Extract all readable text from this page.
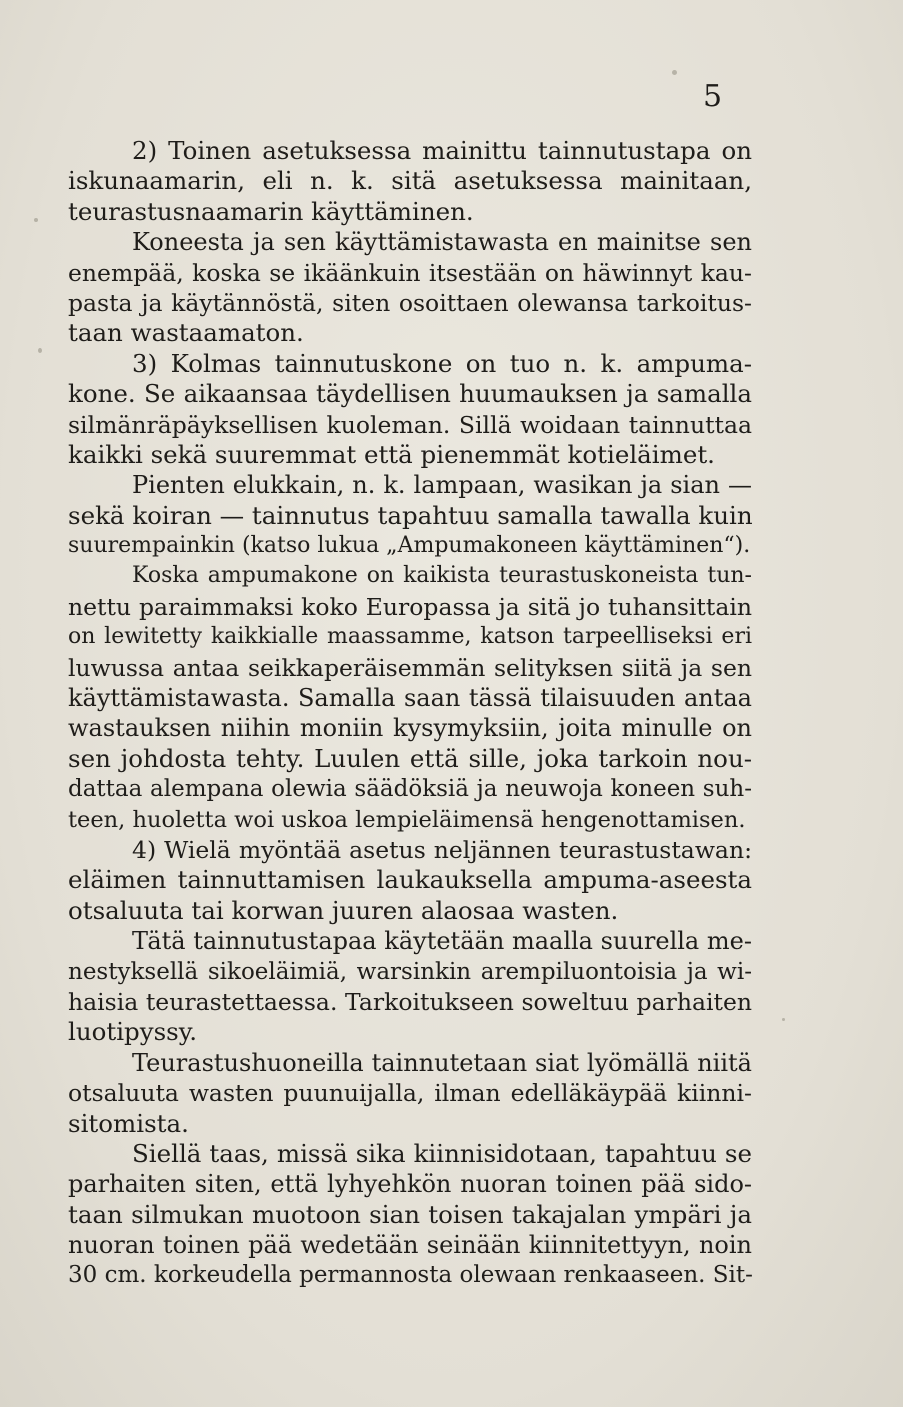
5
2) Toinen asetuksessa mainittu tainnutustapa on
iskunaamarin, eli n. k. sitä asetuksessa mainitaan,
teurastusnaamarin käyttäminen.
Koneesta ja sen käyttämistawasta en mainitse sen
enempää, koska se ikäänkuin itsestään on häwinnyt kau-
pasta ja käytännöstä, siten osoittaen olewansa tarkoitus-
taan wastaamaton.
3) Kolmas tainnutuskone on tuo n. k. ampuma-
kone. Se aikaansaa täydellisen huumauksen ja samalla
silmänräpäyksellisen kuoleman. Sillä woidaan tainnuttaa
kaikki sekä suuremmat että pienemmät kotieläimet.
Pienten elukkain, n. k. lampaan, wasikan ja sian —
sekä koiran — tainnutus tapahtuu samalla tawalla kuin
suurempainkin (katso lukua „Ampumakoneen käyttäminen“).
Koska ampumakone on kaikista teurastuskoneista tun-
nettu paraimmaksi koko Europassa ja sitä jo tuhansittain
on lewitetty kaikkialle maassamme, katson tarpeelliseksi eri
luwussa antaa seikkaperäisemmän selityksen siitä ja sen
käyttämistawasta. Samalla saan tässä tilaisuuden antaa
wastauksen niihin moniin kysymyksiin, joita minulle on
sen johdosta tehty. Luulen että sille, joka tarkoin nou-
dattaa alempana olewia säädöksiä ja neuwoja koneen suh-
teen, huoletta woi uskoa lempieläimensä hengenottamisen.
4) Wielä myöntää asetus neljännen teurastustawan:
eläimen tainnuttamisen laukauksella ampuma-aseesta
otsaluuta tai korwan juuren alaosaa wasten.
Tätä tainnutustapaa käytetään maalla suurella me-
nestyksellä sikoeläimiä, warsinkin arempiluontoisia ja wi-
haisia teurastettaessa. Tarkoitukseen soweltuu parhaiten
luotipyssy.
Teurastushuoneilla tainnutetaan siat lyömällä niitä
otsaluuta wasten puunuijalla, ilman edelläkäypää kiinni-
sitomista.
Siellä taas, missä sika kiinnisidotaan, tapahtuu se
parhaiten siten, että lyhyehkön nuoran toinen pää sido-
taan silmukan muotoon sian toisen takajalan ympäri ja
nuoran toinen pää wedetään seinään kiinnitettyyn, noin
30 cm. korkeudella permannosta olewaan renkaaseen. Sit-
